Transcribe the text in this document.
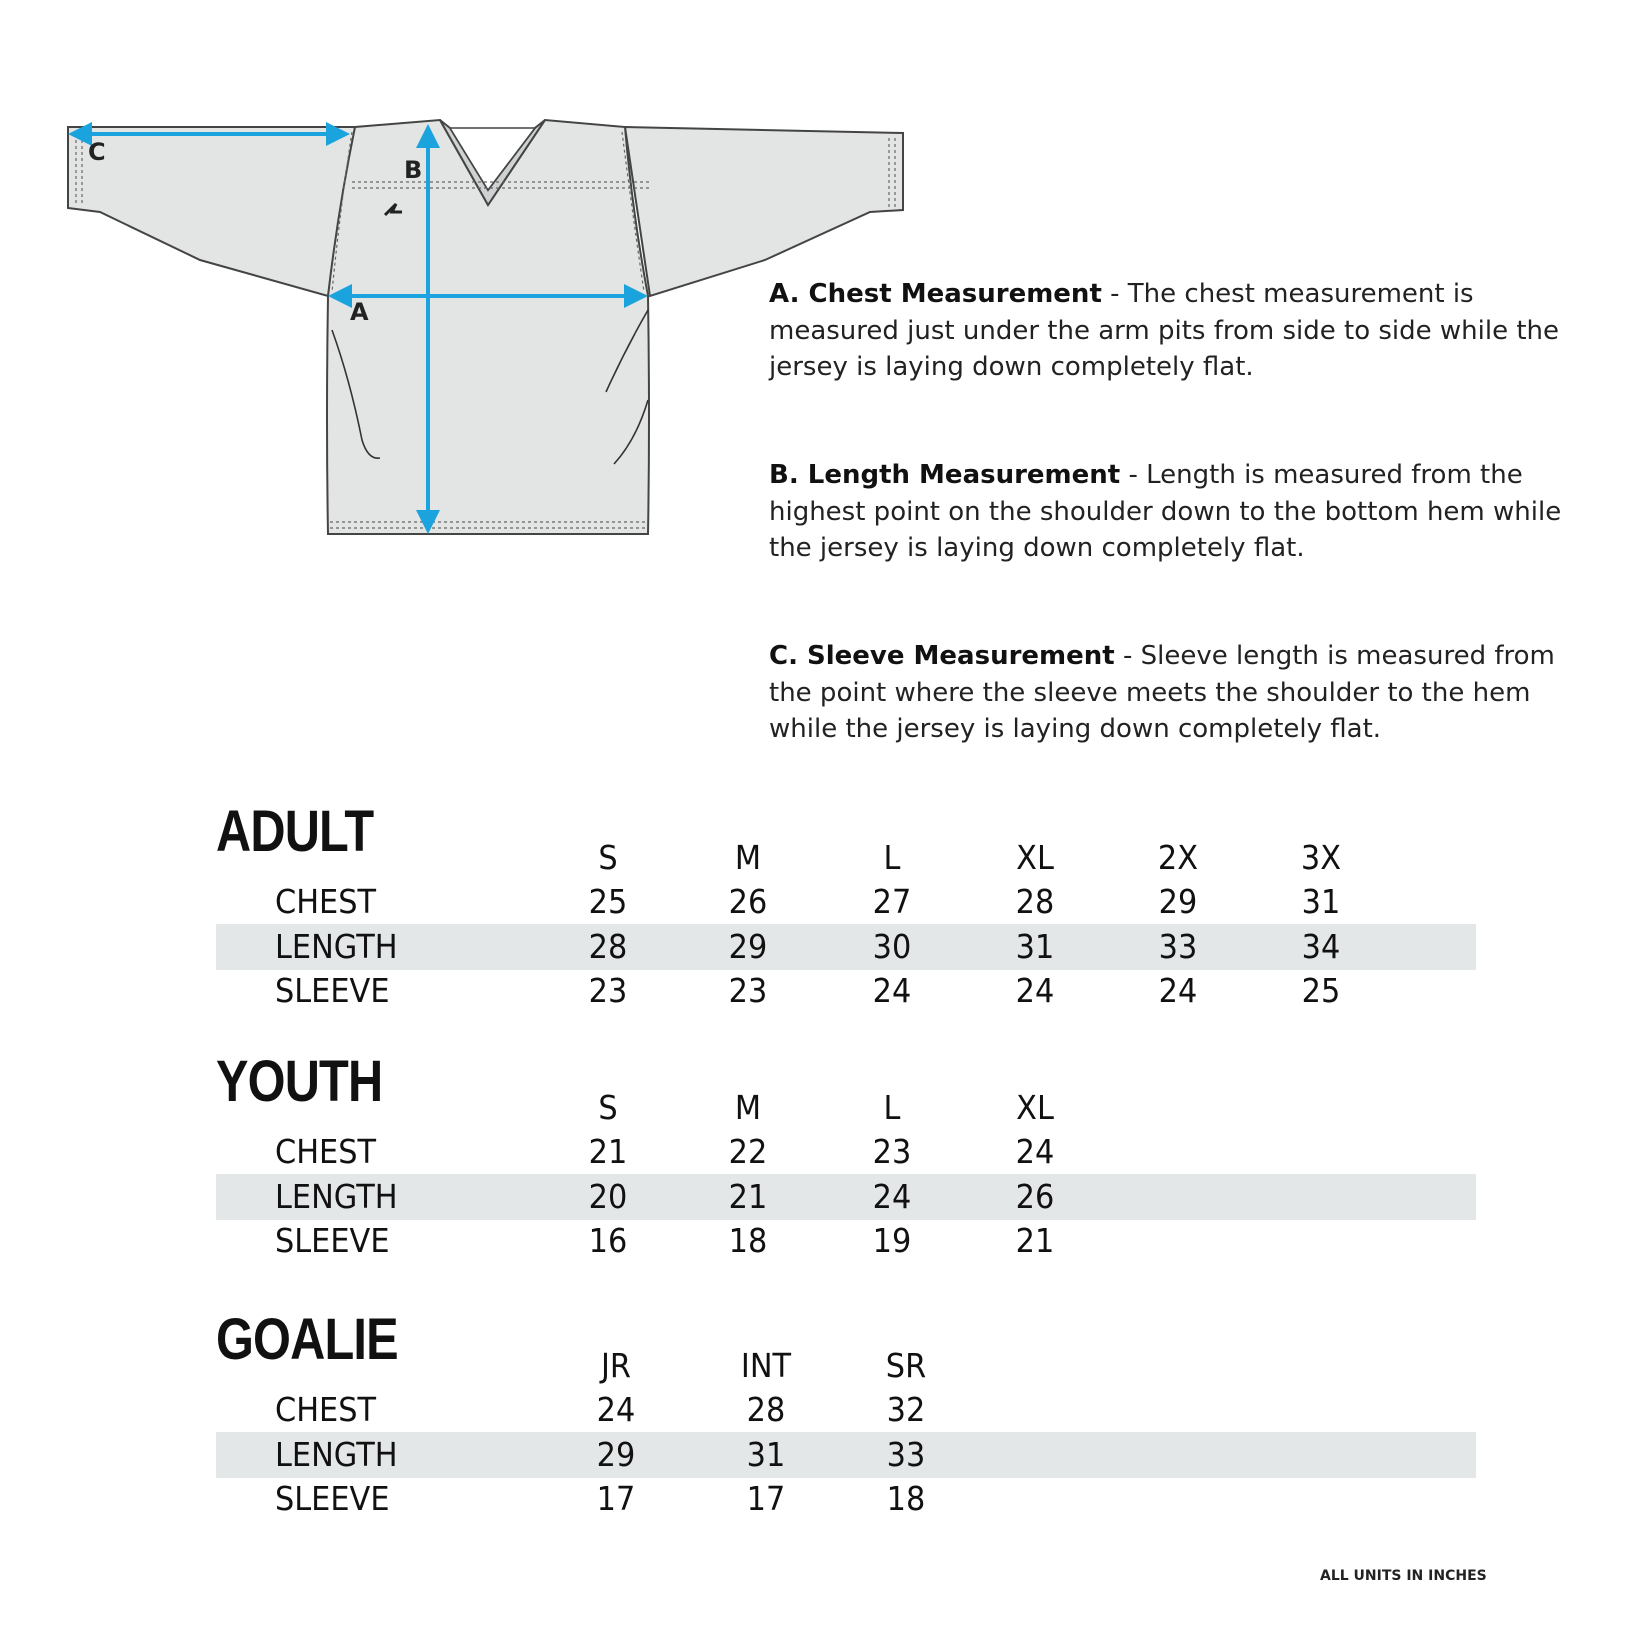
C
B
A
A. Chest Measurement - The chest measurement is measured just under the arm pits from side to side while the jersey is laying down completely flat.
B. Length Measurement - Length is measured from the highest point on the shoulder down to the bottom hem while the jersey is laying down completely flat.
C. Sleeve Measurement - Sleeve length is measured from the point where the sleeve meets the shoulder to the hem while the jersey is laying down completely flat.
ADULT	S	M	L	XL	2X	3X
CHEST	25	26	27	28	29	31
LENGTH	28	29	30	31	33	34
SLEEVE	23	23	24	24	24	25
YOUTH	S	M	L	XL
CHEST	21	22	23	24
LENGTH	20	21	24	26
SLEEVE	16	18	19	21
GOALIE	JR	INT	SR
CHEST	24	28	32
LENGTH	29	31	33
SLEEVE	17	17	18
ALL UNITS IN INCHES
